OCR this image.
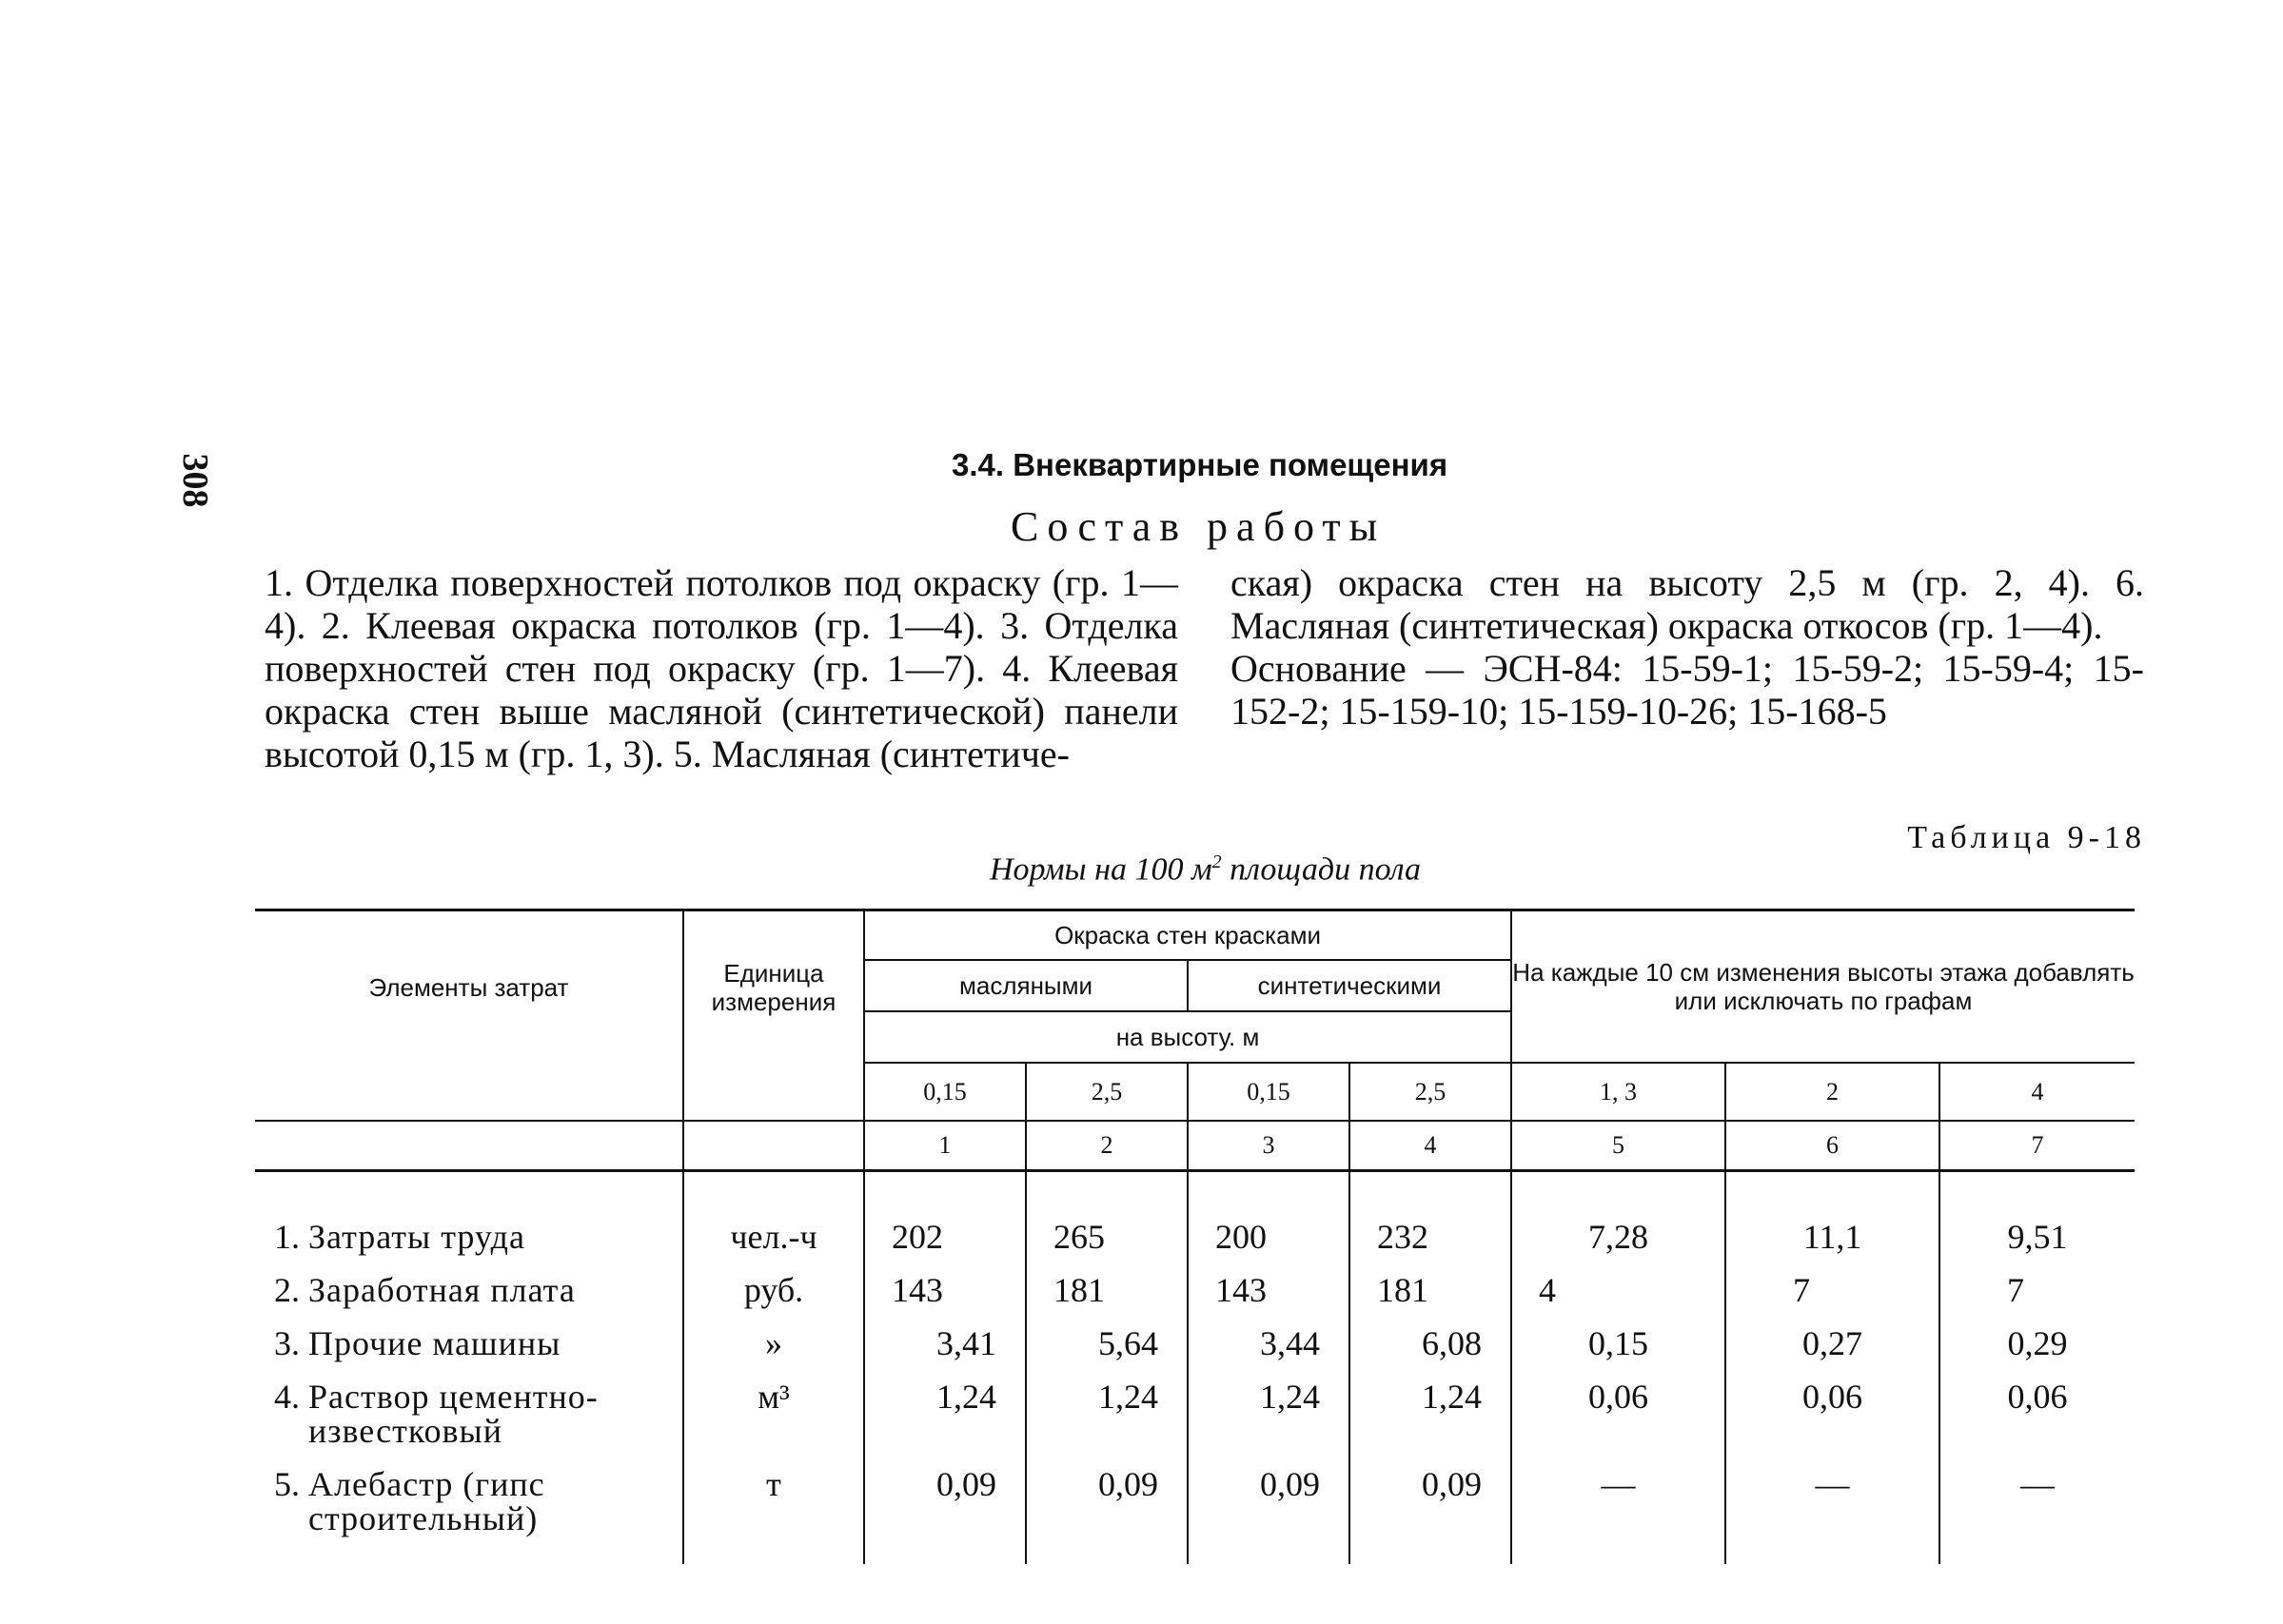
308	3.4. Внеквартирные помещения
Состав работы
1. Отделка поверхностей потолков под окраску (гр. 1—4). 2. Клеевая окраска потолков (гр. 1—4). 3. Отделка поверхностей стен под окраску (гр. 1—7). 4. Клеевая окраска стен выше масляной (синтетической) панели высотой 0,15 м (гр. 1, 3). 5. Масляная (синтетиче-
ская) окраска стен на высоту 2,5 м (гр. 2, 4). 6. Масляная (синтетическая) окраска откосов (гр. 1—4).
Основание — ЭСН-84: 15-59-1; 15-59-2; 15-59-4; 15-152-2; 15-159-10; 15-159-10-26; 15-168-5
Таблица 9-18
Нормы на 100 $м^2$ площади пола
Элементы затрат	Единица измерения	Окраска стен красками				На каждые 10 см изменения высоты этажа добавлять или исключать по графам		
		масляными		синтетическими				
		на высоту. м						
		0,15	2,5	0,15	2,5	1, 3	2	4
		1	2	3	4	5	6	7

1. Затраты труда	чел.-ч	202	265	200	232	7,28	11,1	9,51
2. Заработная плата	руб.	143	181	143	181	4	7	7
3. Прочие машины	»	3,41	5,64	3,44	6,08	0,15	0,27	0,29
4. Раствор цементно-известковый	м³	1,24	1,24	1,24	1,24	0,06	0,06	0,06
5. Алебастр (гипс строительный)	т	0,09	0,09	0,09	0,09	—	—	—
